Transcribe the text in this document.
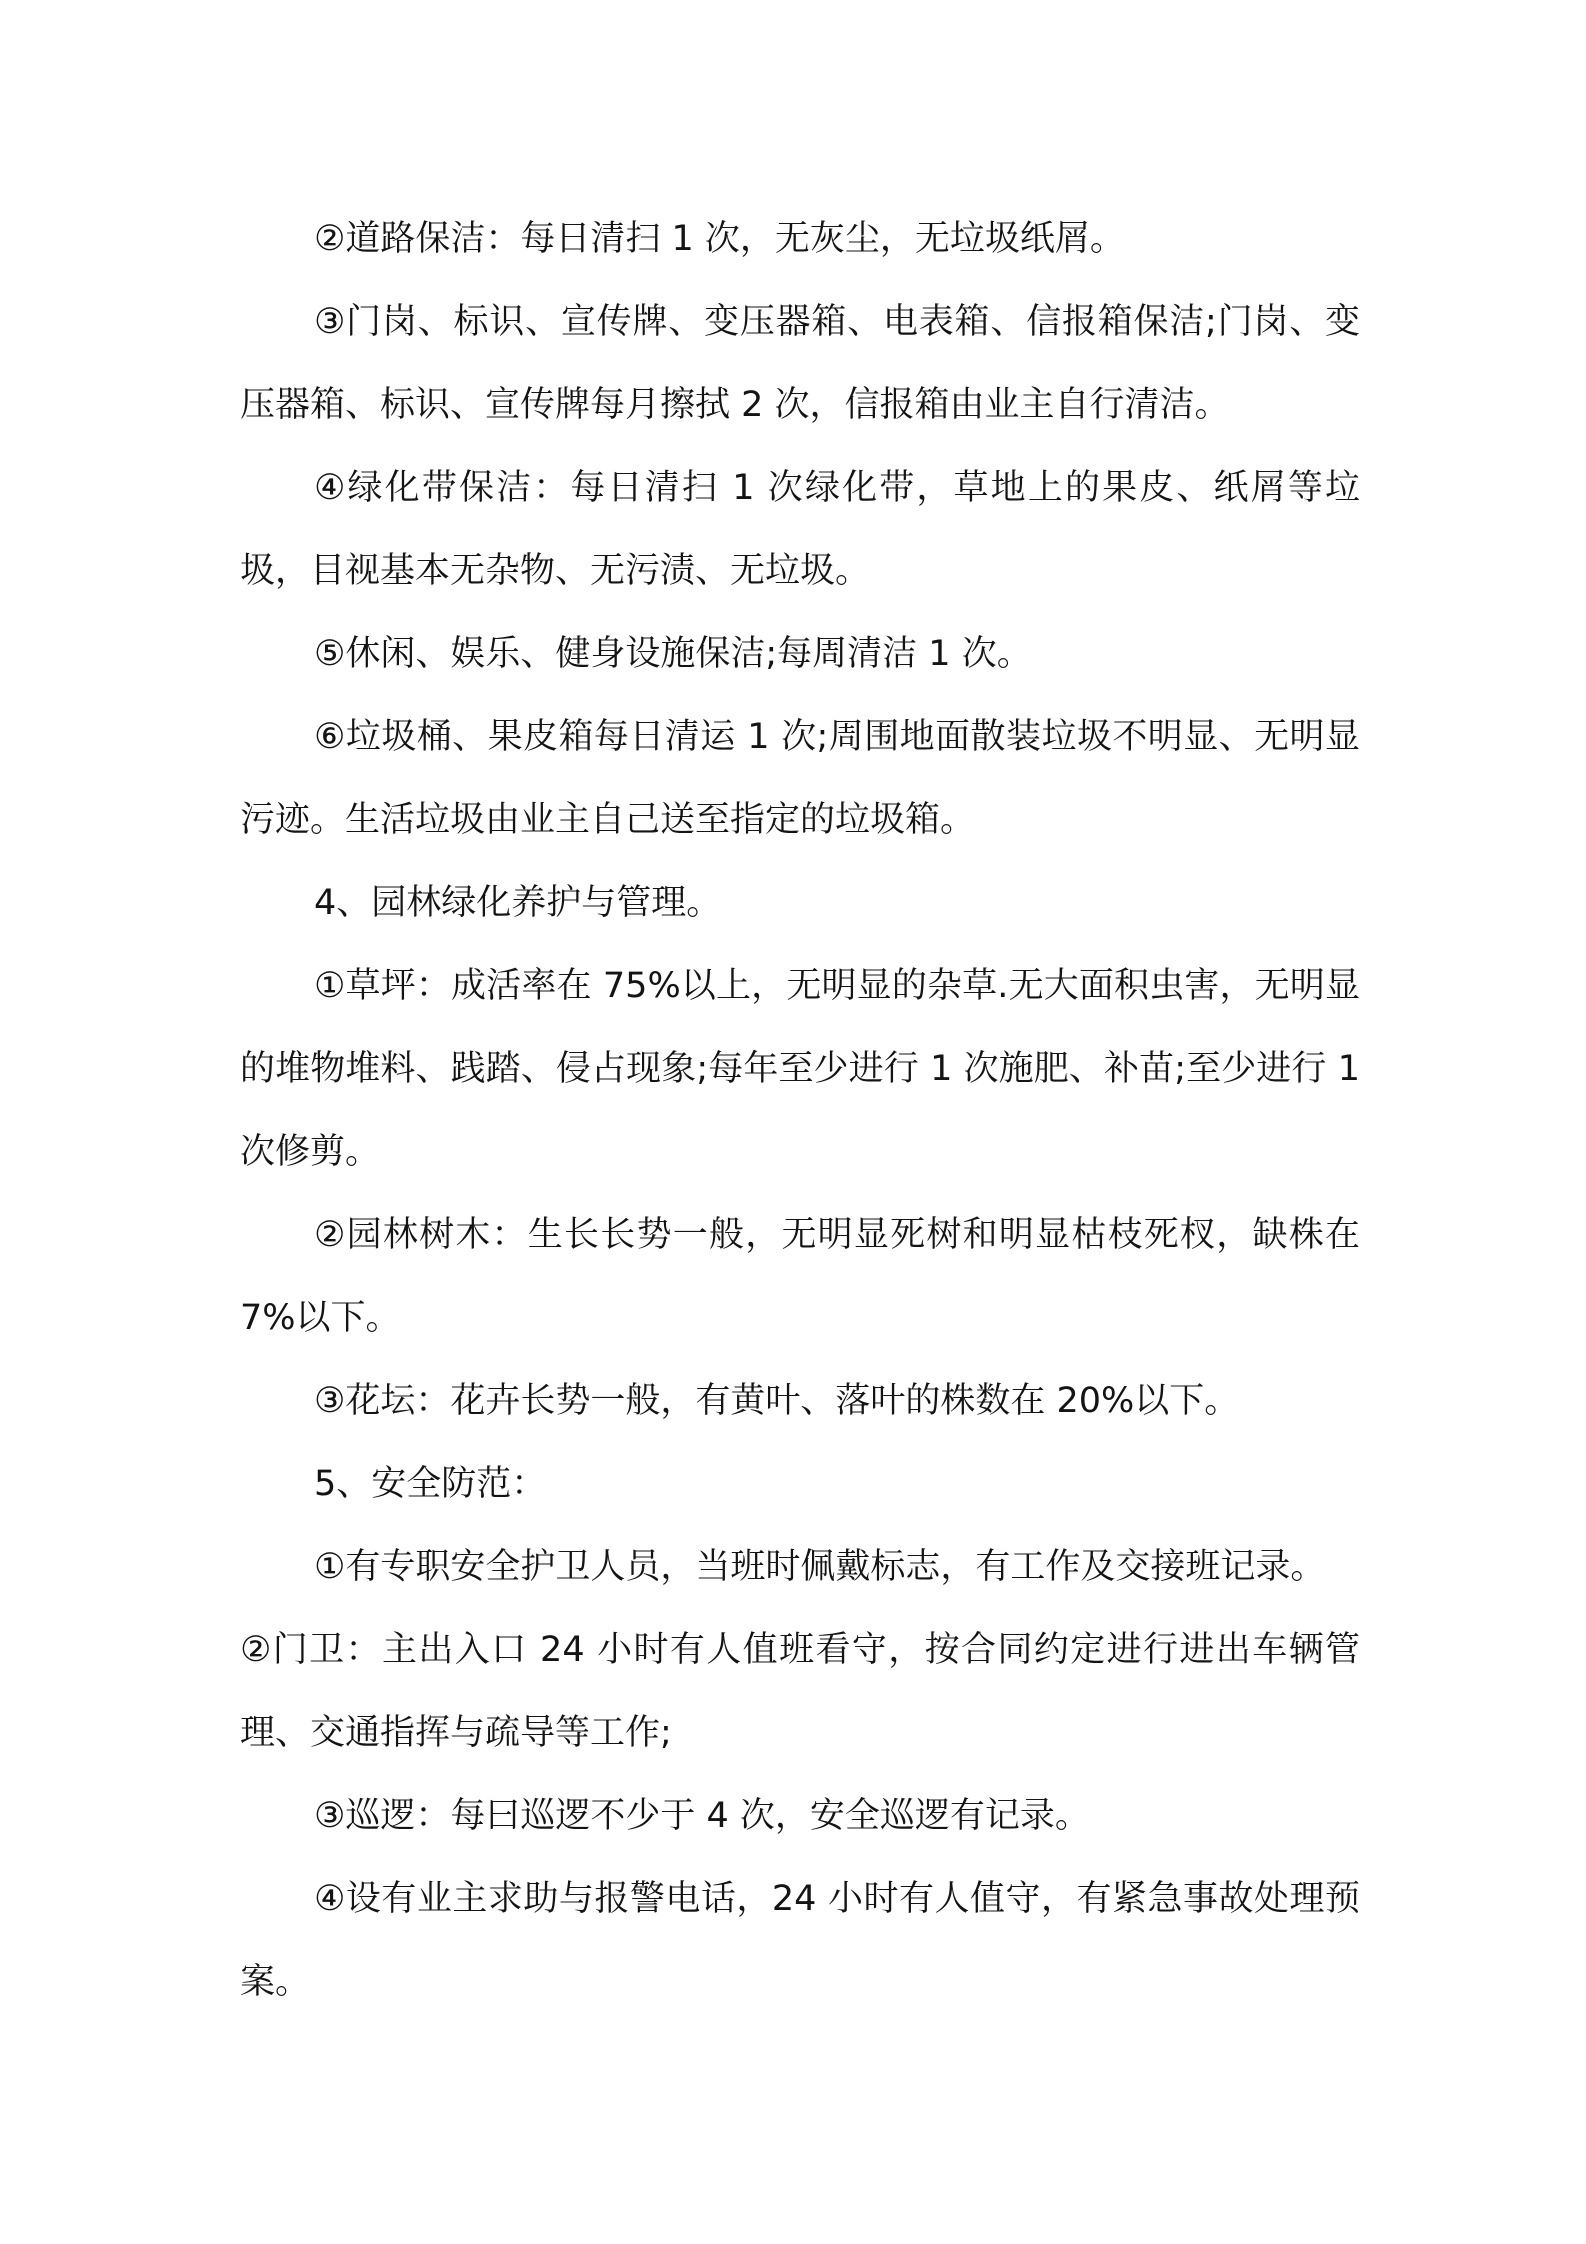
②道路保洁：每日清扫 1 次，无灰尘，无垃圾纸屑。

③门岗、标识、宣传牌、变压器箱、电表箱、信报箱保洁;门岗、变压器箱、标识、宣传牌每月擦拭 2 次，信报箱由业主自行清洁。

④绿化带保洁：每日清扫 1 次绿化带，草地上的果皮、纸屑等垃圾，目视基本无杂物、无污渍、无垃圾。

⑤休闲、娱乐、健身设施保洁;每周清洁 1 次。

⑥垃圾桶、果皮箱每日清运 1 次;周围地面散装垃圾不明显、无明显污迹。生活垃圾由业主自己送至指定的垃圾箱。

4、园林绿化养护与管理。

①草坪：成活率在 75%以上，无明显的杂草.无大面积虫害，无明显的堆物堆料、践踏、侵占现象;每年至少进行 1 次施肥、补苗;至少进行 1 次修剪。

②园林树木：生长长势一般，无明显死树和明显枯枝死杈，缺株在 7%以下。

③花坛：花卉长势一般，有黄叶、落叶的株数在 20%以下。

5、安全防范：

①有专职安全护卫人员，当班时佩戴标志，有工作及交接班记录。

②门卫：主出入口 24 小时有人值班看守，按合同约定进行进出车辆管理、交通指挥与疏导等工作;

③巡逻：每曰巡逻不少于 4 次，安全巡逻有记录。

④设有业主求助与报警电话，24 小时有人值守，有紧急事故处理预案。
